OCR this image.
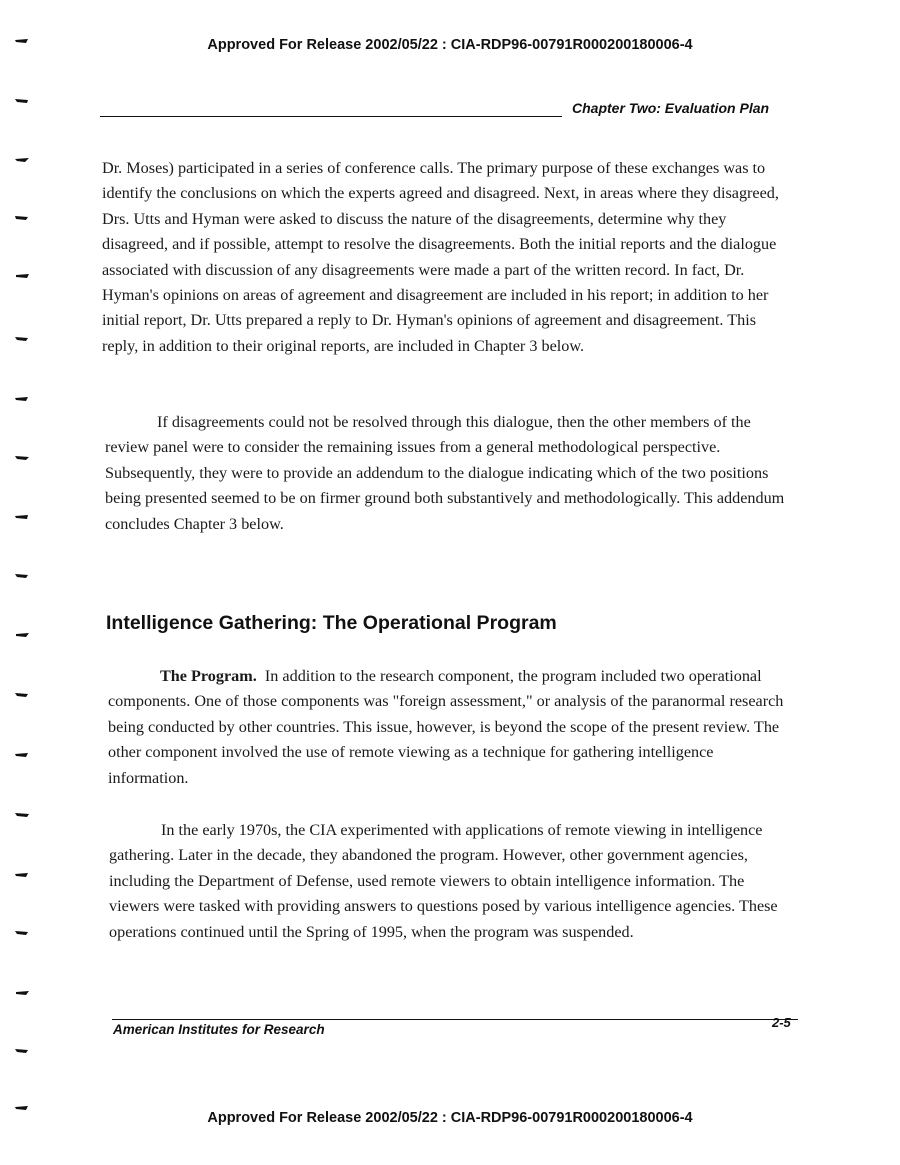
Approved For Release 2002/05/22 : CIA-RDP96-00791R000200180006-4
Chapter Two: Evaluation Plan

Dr. Moses) participated in a series of conference calls. The primary purpose of these exchanges was to identify the conclusions on which the experts agreed and disagreed. Next, in areas where they disagreed, Drs. Utts and Hyman were asked to discuss the nature of the disagreements, determine why they disagreed, and if possible, attempt to resolve the disagreements. Both the initial reports and the dialogue associated with discussion of any disagreements were made a part of the written record. In fact, Dr. Hyman's opinions on areas of agreement and disagreement are included in his report; in addition to her initial report, Dr. Utts prepared a reply to Dr. Hyman's opinions of agreement and disagreement. This reply, in addition to their original reports, are included in Chapter 3 below.

If disagreements could not be resolved through this dialogue, then the other members of the review panel were to consider the remaining issues from a general methodological perspective. Subsequently, they were to provide an addendum to the dialogue indicating which of the two positions being presented seemed to be on firmer ground both substantively and methodologically. This addendum concludes Chapter 3 below.

Intelligence Gathering: The Operational Program

The Program. In addition to the research component, the program included two operational components. One of those components was "foreign assessment," or analysis of the paranormal research being conducted by other countries. This issue, however, is beyond the scope of the present review. The other component involved the use of remote viewing as a technique for gathering intelligence information.

In the early 1970s, the CIA experimented with applications of remote viewing in intelligence gathering. Later in the decade, they abandoned the program. However, other government agencies, including the Department of Defense, used remote viewers to obtain intelligence information. The viewers were tasked with providing answers to questions posed by various intelligence agencies. These operations continued until the Spring of 1995, when the program was suspended.

American Institutes for Research	2-5
Approved For Release 2002/05/22 : CIA-RDP96-00791R000200180006-4
